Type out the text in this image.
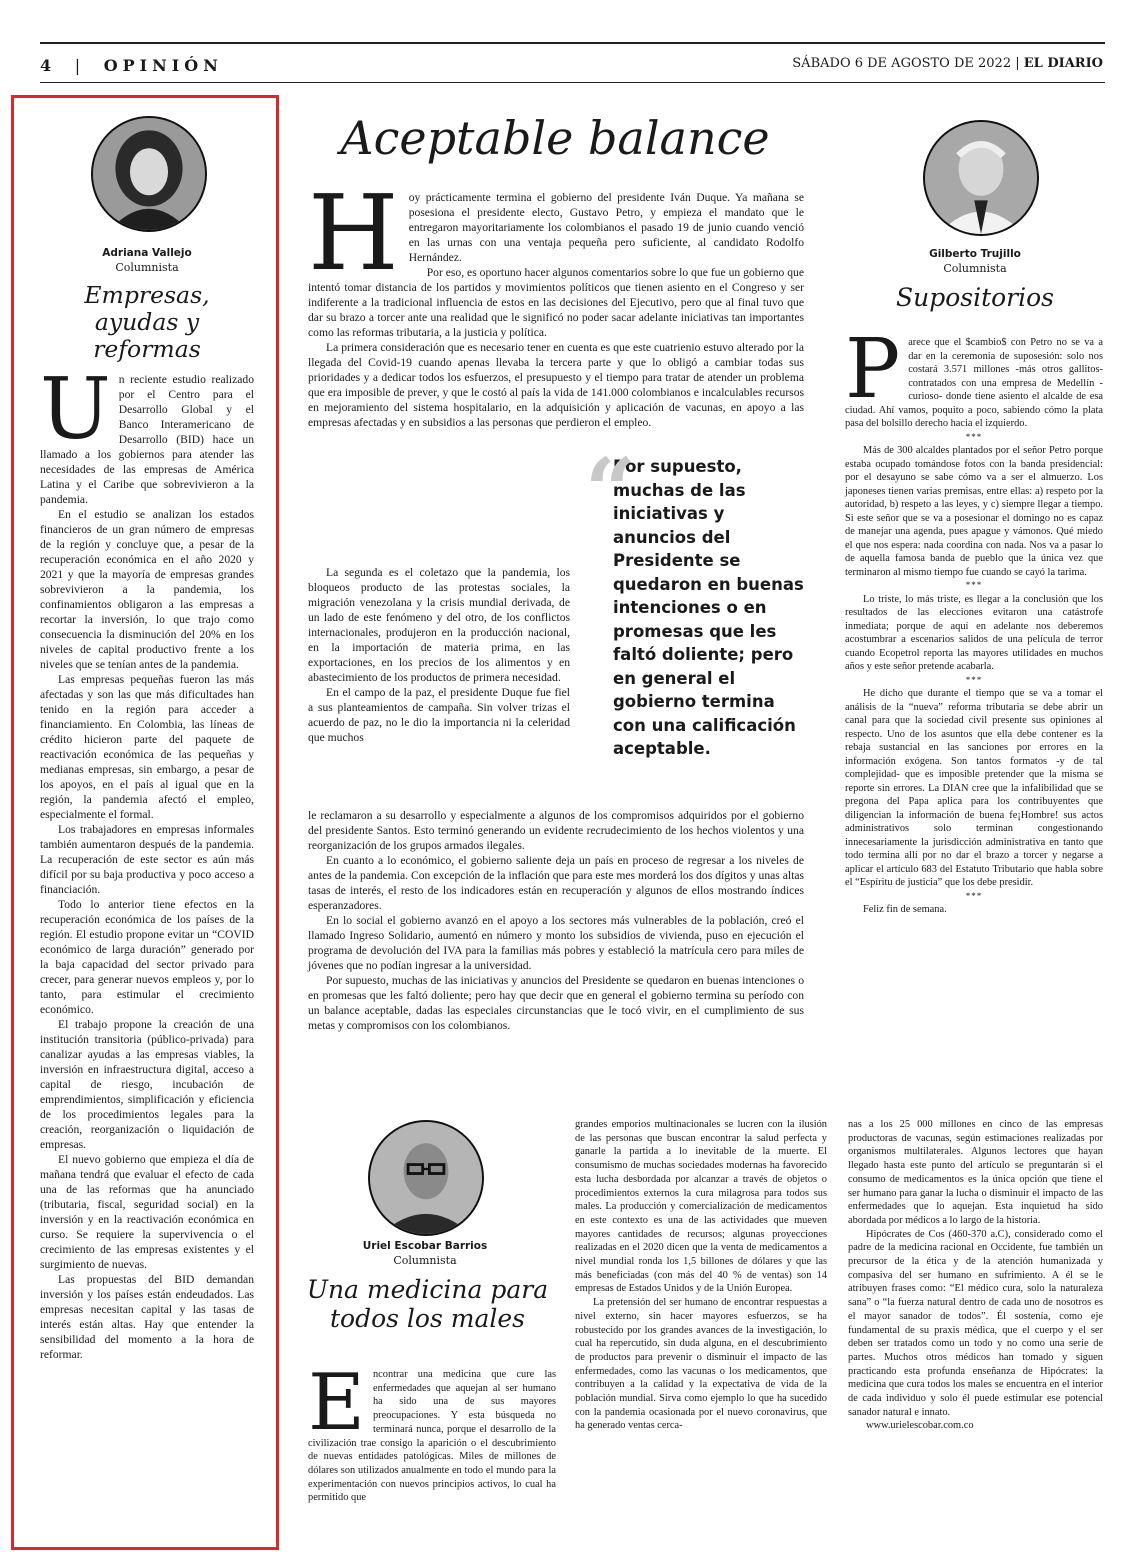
4 | OPINIÓN	SÁBADO 6 DE AGOSTO DE 2022 | EL DIARIO
Adriana Vallejo
Columnista
Empresas, ayudas y reformas

Un reciente estudio realizado por el Centro para el Desarrollo Global y el Banco Interamericano de Desarrollo (BID) hace un llamado a los gobiernos para atender las necesidades de las empresas de América Latina y el Caribe que sobrevivieron a la pandemia.

En el estudio se analizan los estados financieros de un gran número de empresas de la región y concluye que, a pesar de la recuperación económica en el año 2020 y 2021 y que la mayoría de empresas grandes sobrevivieron a la pandemia, los confinamientos obligaron a las empresas a recortar la inversión, lo que trajo como consecuencia la disminución del 20% en los niveles de capital productivo frente a los niveles que se tenían antes de la pandemia.

Las empresas pequeñas fueron las más afectadas y son las que más dificultades han tenido en la región para acceder a financiamiento. En Colombia, las líneas de crédito hicieron parte del paquete de reactivación económica de las pequeñas y medianas empresas, sin embargo, a pesar de los apoyos, en el país al igual que en la región, la pandemia afectó el empleo, especialmente el formal.

Los trabajadores en empresas informales también aumentaron después de la pandemia. La recuperación de este sector es aún más difícil por su baja productiva y poco acceso a financiación.

Todo lo anterior tiene efectos en la recuperación económica de los países de la región. El estudio propone evitar un “COVID económico de larga duración” generado por la baja capacidad del sector privado para crecer, para generar nuevos empleos y, por lo tanto, para estimular el crecimiento económico.

El trabajo propone la creación de una institución transitoria (público-privada) para canalizar ayudas a las empresas viables, la inversión en infraestructura digital, acceso a capital de riesgo, incubación de emprendimientos, simplificación y eficiencia de los procedimientos legales para la creación, reorganización o liquidación de empresas.

El nuevo gobierno que empieza el día de mañana tendrá que evaluar el efecto de cada una de las reformas que ha anunciado (tributaria, fiscal, seguridad social) en la inversión y en la reactivación económica en curso. Se requiere la supervivencia o el crecimiento de las empresas existentes y el surgimiento de nuevas.

Las propuestas del BID demandan inversión y los países están endeudados. Las empresas necesitan capital y las tasas de interés están altas. Hay que entender la sensibilidad del momento a la hora de reformar.

Aceptable balance

Hoy prácticamente termina el gobierno del presidente Iván Duque. Ya mañana se posesiona el presidente electo, Gustavo Petro, y empieza el mandato que le entregaron mayoritariamente los colombianos el pasado 19 de junio cuando venció en las urnas con una ventaja pequeña pero suficiente, al candidato Rodolfo Hernández.

Por eso, es oportuno hacer algunos comentarios sobre lo que fue un gobierno que intentó tomar distancia de los partidos y movimientos políticos que tienen asiento en el Congreso y ser indiferente a la tradicional influencia de estos en las decisiones del Ejecutivo, pero que al final tuvo que dar su brazo a torcer ante una realidad que le significó no poder sacar adelante iniciativas tan importantes como las reformas tributaria, a la justicia y política.

La primera consideración que es necesario tener en cuenta es que este cuatrienio estuvo alterado por la llegada del Covid-19 cuando apenas llevaba la tercera parte y que lo obligó a cambiar todas sus prioridades y a dedicar todos los esfuerzos, el presupuesto y el tiempo para tratar de atender un problema que era imposible de prever, y que le costó al país la vida de 141.000 colombianos e incalculables recursos en mejoramiento del sistema hospitalario, en la adquisición y aplicación de vacunas, en apoyo a las empresas afectadas y en subsidios a las personas que perdieron el empleo.

La segunda es el coletazo que la pandemia, los bloqueos producto de las protestas sociales, la migración venezolana y la crisis mundial derivada, de un lado de este fenómeno y del otro, de los conflictos internacionales, produjeron en la producción nacional, en la importación de materia prima, en las exportaciones, en los precios de los alimentos y en abastecimiento de los productos de primera necesidad.

En el campo de la paz, el presidente Duque fue fiel a sus planteamientos de campaña. Sin volver trizas el acuerdo de paz, no le dio la importancia ni la celeridad que muchos

“
Por supuesto, muchas de las iniciativas y anuncios del Presidente se quedaron en buenas intenciones o en promesas que les faltó doliente; pero en general el gobierno termina con una calificación aceptable.

le reclamaron a su desarrollo y especialmente a algunos de los compromisos adquiridos por el gobierno del presidente Santos. Esto terminó generando un evidente recrudecimiento de los hechos violentos y una reorganización de los grupos armados ilegales.

En cuanto a lo económico, el gobierno saliente deja un país en proceso de regresar a los niveles de antes de la pandemia. Con excepción de la inflación que para este mes morderá los dos dígitos y unas altas tasas de interés, el resto de los indicadores están en recuperación y algunos de ellos mostrando índices esperanzadores.

En lo social el gobierno avanzó en el apoyo a los sectores más vulnerables de la población, creó el llamado Ingreso Solidario, aumentó en número y monto los subsidios de vivienda, puso en ejecución el programa de devolución del IVA para la familias más pobres y estableció la matrícula cero para miles de jóvenes que no podían ingresar a la universidad.

Por supuesto, muchas de las iniciativas y anuncios del Presidente se quedaron en buenas intenciones o en promesas que les faltó doliente; pero hay que decir que en general el gobierno termina su período con un balance aceptable, dadas las especiales circunstancias que le tocó vivir, en el cumplimiento de sus metas y compromisos con los colombianos.

Gilberto Trujillo
Columnista
Supositorios

Parece que el $cambio$ con Petro no se va a dar en la ceremonia de suposesión: solo nos costará 3.571 millones -más otros gallitos- contratados con una empresa de Medellín -curioso- donde tiene asiento el alcalde de esa ciudad. Ahí vamos, poquito a poco, sabiendo cómo la plata pasa del bolsillo derecho hacia el izquierdo.

***

Más de 300 alcaldes plantados por el señor Petro porque estaba ocupado tomándose fotos con la banda presidencial: por el desayuno se sabe cómo va a ser el almuerzo. Los japoneses tienen varias premisas, entre ellas: a) respeto por la autoridad, b) respeto a las leyes, y c) siempre llegar a tiempo. Si este señor que se va a posesionar el domingo no es capaz de manejar una agenda, pues apague y vámonos. Qué miedo el que nos espera: nada coordina con nada. Nos va a pasar lo de aquella famosa banda de pueblo que la única vez que terminaron al mismo tiempo fue cuando se cayó la tarima.

***

Lo triste, lo más triste, es llegar a la conclusión que los resultados de las elecciones evitaron una catástrofe inmediata; porque de aquí en adelante nos deberemos acostumbrar a escenarios salidos de una película de terror cuando Ecopetrol reporta las mayores utilidades en muchos años y este señor pretende acabarla.

***

He dicho que durante el tiempo que se va a tomar el análisis de la “nueva” reforma tributaria se debe abrir un canal para que la sociedad civil presente sus opiniones al respecto. Uno de los asuntos que ella debe contener es la rebaja sustancial en las sanciones por errores en la información exógena. Son tantos formatos -y de tal complejidad- que es imposible pretender que la misma se reporte sin errores. La DIAN cree que la infalibilidad que se pregona del Papa aplica para los contribuyentes que diligencian la información de buena fe¡Hombre! sus actos administrativos solo terminan congestionando innecesariamente la jurisdicción administrativa en tanto que todo termina allí por no dar el brazo a torcer y negarse a aplicar el artículo 683 del Estatuto Tributario que habla sobre el “Espíritu de justicia” que los debe presidir.

***

Feliz fin de semana.

Uriel Escobar Barrios
Columnista
Una medicina para todos los males

Encontrar una medicina que cure las enfermedades que aquejan al ser humano ha sido una de sus mayores preocupaciones. Y esta búsqueda no terminará nunca, porque el desarrollo de la civilización trae consigo la aparición o el descubrimiento de nuevas entidades patológicas. Miles de millones de dólares son utilizados anualmente en todo el mundo para la experimentación con nuevos principios activos, lo cual ha permitido que

grandes emporios multinacionales se lucren con la ilusión de las personas que buscan encontrar la salud perfecta y ganarle la partida a lo inevitable de la muerte. El consumismo de muchas sociedades modernas ha favorecido esta lucha desbordada por alcanzar a través de objetos o procedimientos externos la cura milagrosa para todos sus males. La producción y comercialización de medicamentos en este contexto es una de las actividades que mueven mayores cantidades de recursos; algunas proyecciones realizadas en el 2020 dicen que la venta de medicamentos a nivel mundial ronda los 1,5 billones de dólares y que las más beneficiadas (con más del 40 % de ventas) son 14 empresas de Estados Unidos y de la Unión Europea.

La pretensión del ser humano de encontrar respuestas a nivel externo, sin hacer mayores esfuerzos, se ha robustecido por los grandes avances de la investigación, lo cual ha repercutido, sin duda alguna, en el descubrimiento de productos para prevenir o disminuir el impacto de las enfermedades, como las vacunas o los medicamentos, que contribuyen a la calidad y la expectativa de vida de la población mundial. Sirva como ejemplo lo que ha sucedido con la pandemia ocasionada por el nuevo coronavirus, que ha generado ventas cerca-

nas a los 25 000 millones en cinco de las empresas productoras de vacunas, según estimaciones realizadas por organismos multilaterales. Algunos lectores que hayan llegado hasta este punto del artículo se preguntarán si el consumo de medicamentos es la única opción que tiene el ser humano para ganar la lucha o disminuir el impacto de las enfermedades que lo aquejan. Esta inquietud ha sido abordada por médicos a lo largo de la historia.

Hipócrates de Cos (460-370 a.C), considerado como el padre de la medicina racional en Occidente, fue también un precursor de la ética y de la atención humanizada y compasiva del ser humano en sufrimiento. A él se le atribuyen frases como: “El médico cura, solo la naturaleza sana” o “la fuerza natural dentro de cada uno de nosotros es el mayor sanador de todos”. Él sostenía, como eje fundamental de su praxis médica, que el cuerpo y el ser deben ser tratados como un todo y no como una serie de partes. Muchos otros médicos han tomado y siguen practicando esta profunda enseñanza de Hipócrates: la medicina que cura todos los males se encuentra en el interior de cada individuo y solo él puede estimular ese potencial sanador natural e innato.

www.urielescobar.com.co
